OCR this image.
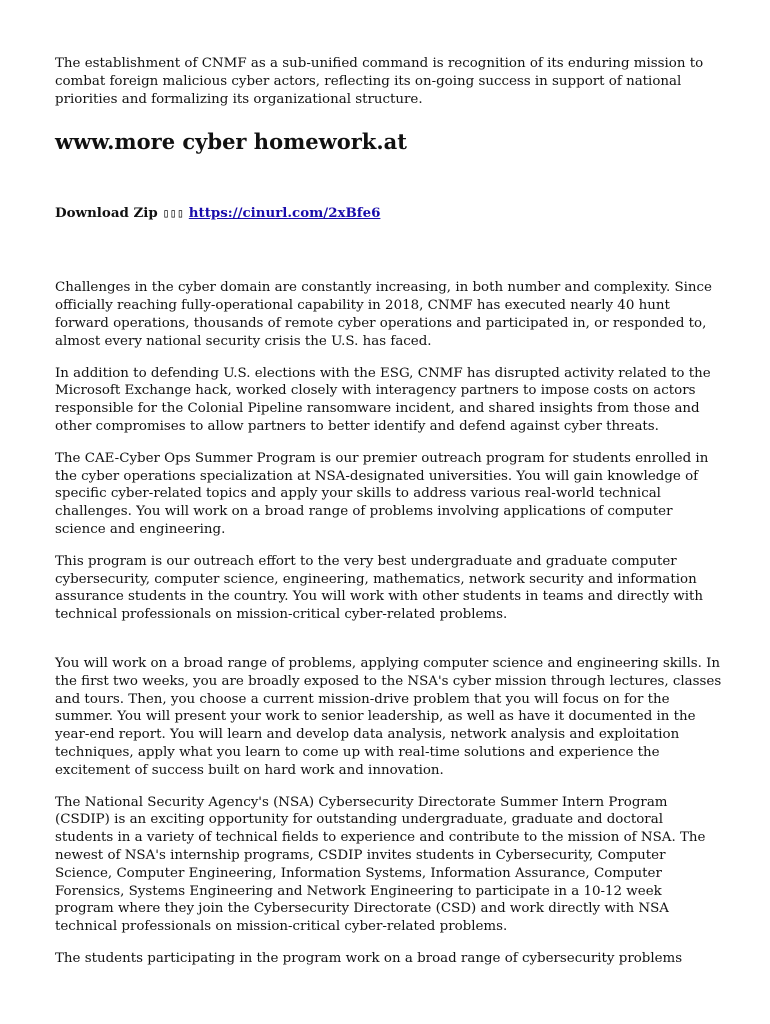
The establishment of CNMF as a sub-unified command is recognition of its enduring mission to combat foreign malicious cyber actors, reflecting its on-going success in support of national priorities and formalizing its organizational structure.

www.more cyber homework.at
Download Zip ▯▯▯ https://cinurl.com/2xBfe6

Challenges in the cyber domain are constantly increasing, in both number and complexity. Since officially reaching fully-operational capability in 2018, CNMF has executed nearly 40 hunt forward operations, thousands of remote cyber operations and participated in, or responded to, almost every national security crisis the U.S. has faced.

In addition to defending U.S. elections with the ESG, CNMF has disrupted activity related to the Microsoft Exchange hack, worked closely with interagency partners to impose costs on actors responsible for the Colonial Pipeline ransomware incident, and shared insights from those and other compromises to allow partners to better identify and defend against cyber threats.

The CAE-Cyber Ops Summer Program is our premier outreach program for students enrolled in the cyber operations specialization at NSA-designated universities. You will gain knowledge of specific cyber-related topics and apply your skills to address various real-world technical challenges. You will work on a broad range of problems involving applications of computer science and engineering.

This program is our outreach effort to the very best undergraduate and graduate computer cybersecurity, computer science, engineering, mathematics, network security and information assurance students in the country. You will work with other students in teams and directly with technical professionals on mission-critical cyber-related problems.

You will work on a broad range of problems, applying computer science and engineering skills. In the first two weeks, you are broadly exposed to the NSA's cyber mission through lectures, classes and tours. Then, you choose a current mission-drive problem that you will focus on for the summer. You will present your work to senior leadership, as well as have it documented in the year-end report. You will learn and develop data analysis, network analysis and exploitation techniques, apply what you learn to come up with real-time solutions and experience the excitement of success built on hard work and innovation.

The National Security Agency's (NSA) Cybersecurity Directorate Summer Intern Program (CSDIP) is an exciting opportunity for outstanding undergraduate, graduate and doctoral students in a variety of technical fields to experience and contribute to the mission of NSA. The newest of NSA's internship programs, CSDIP invites students in Cybersecurity, Computer Science, Computer Engineering, Information Systems, Information Assurance, Computer Forensics, Systems Engineering and Network Engineering to participate in a 10-12 week program where they join the Cybersecurity Directorate (CSD) and work directly with NSA technical professionals on mission-critical cyber-related problems.

The students participating in the program work on a broad range of cybersecurity problems
